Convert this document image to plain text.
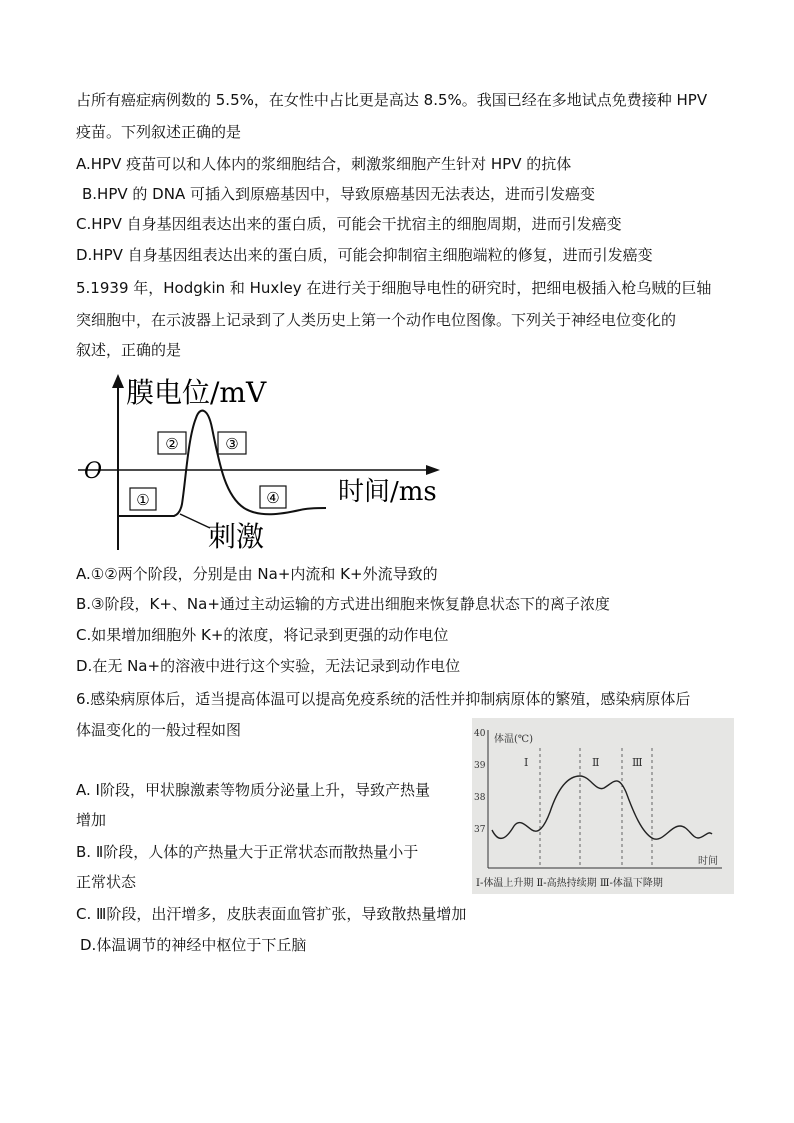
占所有癌症病例数的 5.5%，在女性中占比更是高达 8.5%。我国已经在多地试点免费接种 HPV
疫苗。下列叙述正确的是
A.HPV 疫苗可以和人体内的浆细胞结合，刺激浆细胞产生针对 HPV 的抗体
B.HPV 的 DNA 可插入到原癌基因中，导致原癌基因无法表达，进而引发癌变
C.HPV 自身基因组表达出来的蛋白质，可能会干扰宿主的细胞周期，进而引发癌变
D.HPV 自身基因组表达出来的蛋白质，可能会抑制宿主细胞端粒的修复，进而引发癌变
5.1939 年，Hodgkin 和 Huxley 在进行关于细胞导电性的研究时，把细电极插入枪乌贼的巨轴
突细胞中，在示波器上记录到了人类历史上第一个动作电位图像。下列关于神经电位变化的
叙述，正确的是
A.①②两个阶段，分别是由 Na+内流和 K+外流导致的
B.③阶段，K+、Na+通过主动运输的方式进出细胞来恢复静息状态下的离子浓度
C.如果增加细胞外 K+的浓度，将记录到更强的动作电位
D.在无 Na+的溶液中进行这个实验，无法记录到动作电位
6.感染病原体后，适当提高体温可以提高免疫系统的活性并抑制病原体的繁殖，感染病原体后
体温变化的一般过程如图
A. Ⅰ阶段，甲状腺激素等物质分泌量上升，导致产热量
增加
B. Ⅱ阶段，人体的产热量大于正常状态而散热量小于
正常状态
C. Ⅲ阶段，出汗增多，皮肤表面血管扩张，导致散热量增加
D.体温调节的神经中枢位于下丘脑
膜电位/mV
O
时间/ms
刺激
①
②	③
④
体温(℃)
40
39
38
37
Ⅰ	Ⅱ	Ⅲ
时间
Ⅰ-体温上升期 Ⅱ-高热持续期 Ⅲ-体温下降期
